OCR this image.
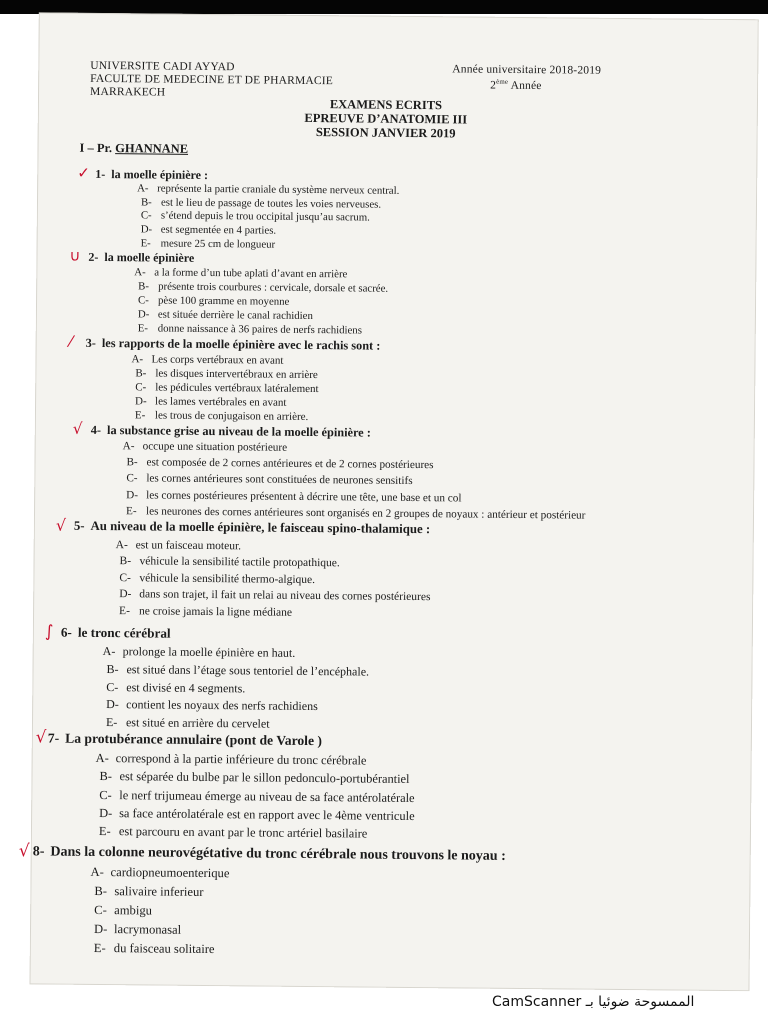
UNIVERSITE CADI AYYAD
FACULTE DE MEDECINE ET DE PHARMACIE
MARRAKECH
Année universitaire 2018-2019
2ème Année
EXAMENS ECRITS
EPREUVE D’ANATOMIE III
SESSION JANVIER 2019
I – Pr. GHANNANE
✓ 1- la moelle épinière :
A- représente la partie craniale du système nerveux central.
B- est le lieu de passage de toutes les voies nerveuses.
C- s’étend depuis le trou occipital jusqu’au sacrum.
D- est segmentée en 4 parties.
E- mesure 25 cm de longueur
∪ 2- la moelle épinière
A- a la forme d’un tube aplati d’avant en arrière
B- présente trois courbures : cervicale, dorsale et sacrée.
C- pèse 100 gramme en moyenne
D- est située derrière le canal rachidien
E- donne naissance à 36 paires de nerfs rachidiens
⁄ 3- les rapports de la moelle épinière avec le rachis sont :
A- Les corps vertébraux en avant
B- les disques intervertébraux en arrière
C- les pédicules vertébraux latéralement
D- les lames vertébrales en avant
E- les trous de conjugaison en arrière.
√ 4- la substance grise au niveau de la moelle épinière :
A- occupe une situation postérieure
B- est composée de 2 cornes antérieures et de 2 cornes postérieures
C- les cornes antérieures sont constituées de neurones sensitifs
D- les cornes postérieures présentent à décrire une tête, une base et un col
E- les neurones des cornes antérieures sont organisés en 2 groupes de noyaux : antérieur et postérieur
√ 5- Au niveau de la moelle épinière, le faisceau spino-thalamique :
A- est un faisceau moteur.
B- véhicule la sensibilité tactile protopathique.
C- véhicule la sensibilité thermo-algique.
D- dans son trajet, il fait un relai au niveau des cornes postérieures
E- ne croise jamais la ligne médiane
∫ 6- le tronc cérébral
A- prolonge la moelle épinière en haut.
B- est situé dans l’étage sous tentoriel de l’encéphale.
C- est divisé en 4 segments.
D- contient les noyaux des nerfs rachidiens
E- est situé en arrière du cervelet
√ 7- La protubérance annulaire (pont de Varole )
A- correspond à la partie inférieure du tronc cérébrale
B- est séparée du bulbe par le sillon pedonculo-portubérantiel
C- le nerf trijumeau émerge au niveau de sa face antérolatérale
D- sa face antérolatérale est en rapport avec le 4ème ventricule
E- est parcouru en avant par le tronc artériel basilaire
√ 8- Dans la colonne neurovégétative du tronc cérébrale nous trouvons le noyau :
A- cardiopneumoenterique
B- salivaire inferieur
C- ambigu
D- lacrymonasal
E- du faisceau solitaire
CamScanner الممسوحة ضوئيا بـ
